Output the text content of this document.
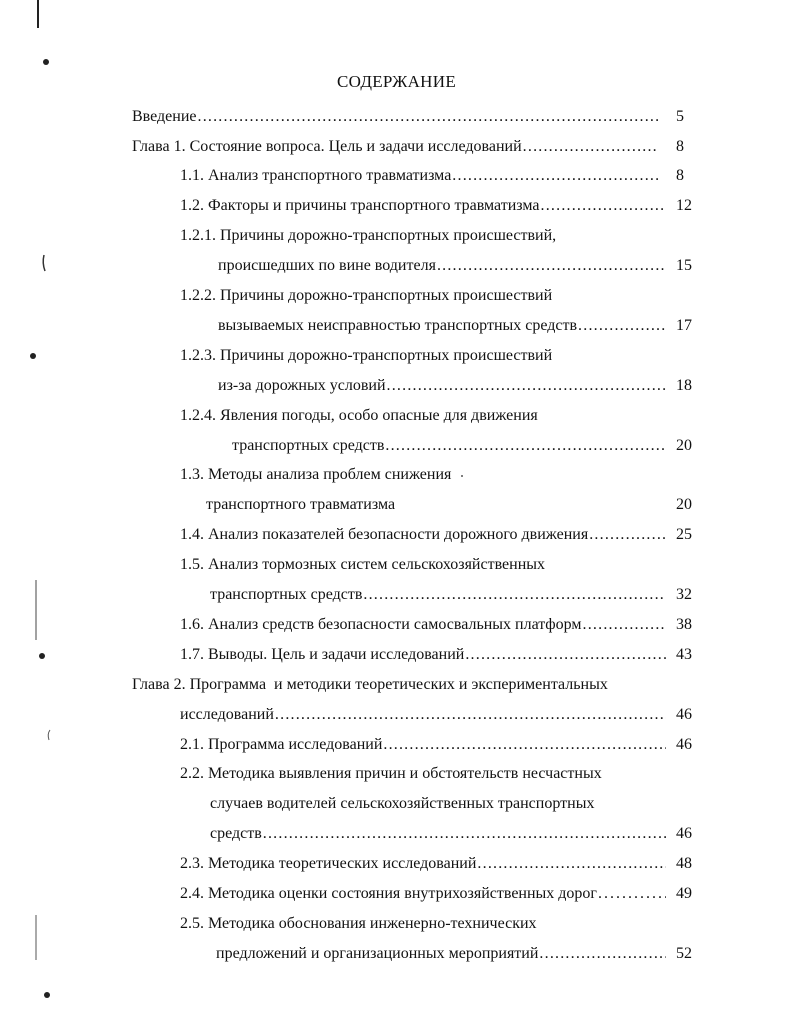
СОДЕРЖАНИЕ
Введение .....	5
Глава 1. Состояние вопроса. Цель и задачи исследований .....	8
1.1. Анализ транспортного травматизма .....	8
1.2. Факторы и причины транспортного травматизма .....	12
1.2.1. Причины дорожно-транспортных происшествий,
происшедших по вине водителя .....	15
1.2.2. Причины дорожно-транспортных происшествий
вызываемых неисправностью транспортных средств .....	17
1.2.3. Причины дорожно-транспортных происшествий
из-за дорожных условий .....	18
1.2.4. Явления погоды, особо опасные для движения
транспортных средств .....	20
1.3. Методы анализа проблем снижения
транспортного травматизма	20
1.4. Анализ показателей безопасности дорожного движения .....	25
1.5. Анализ тормозных систем сельскохозяйственных
транспортных средств .....	32
1.6. Анализ средств безопасности самосвальных платформ .....	38
1.7. Выводы. Цель и задачи исследований .....	43
Глава 2. Программа  и методики теоретических и экспериментальных
исследований .....	46
2.1. Программа исследований .....	46
2.2. Методика выявления причин и обстоятельств несчастных
случаев водителей сельскохозяйственных транспортных
средств .....	46
2.3. Методика теоретических исследований .....	48
2.4. Методика оценки состояния внутрихозяйственных дорог .....	49
2.5. Методика обоснования инженерно-технических
предложений и организационных мероприятий .....	52
